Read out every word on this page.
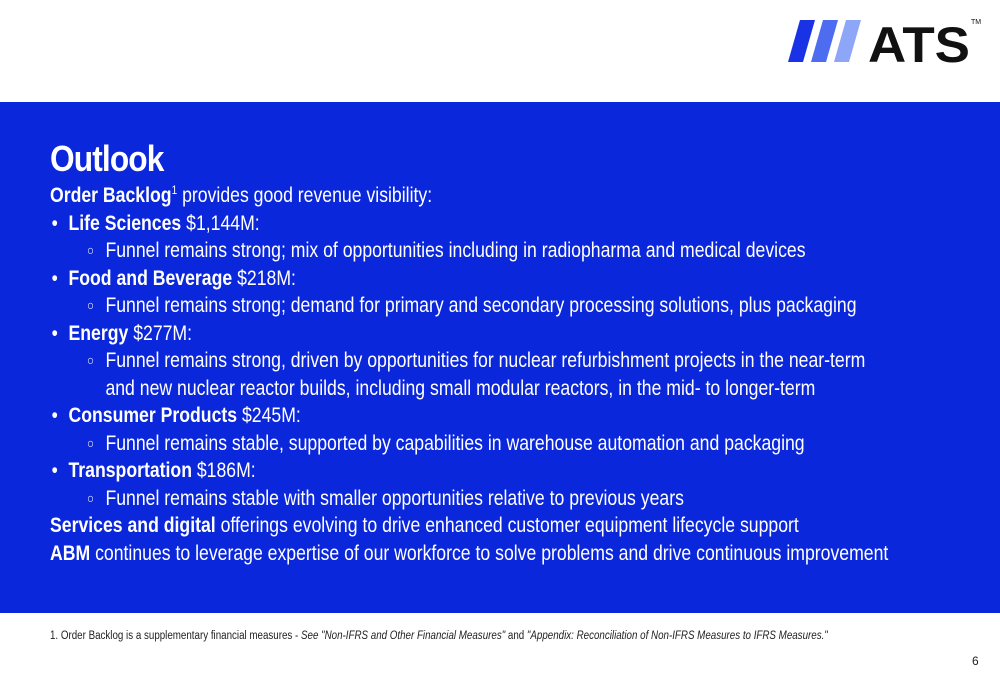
ATS TM
Outlook
Order Backlog$^1$ provides good revenue visibility:
• Life Sciences $1,144M:
○ Funnel remains strong; mix of opportunities including in radiopharma and medical devices
• Food and Beverage $218M:
○ Funnel remains strong; demand for primary and secondary processing solutions, plus packaging
• Energy $277M:
○ Funnel remains strong, driven by opportunities for nuclear refurbishment projects in the near-term
and new nuclear reactor builds, including small modular reactors, in the mid- to longer-term
• Consumer Products $245M:
○ Funnel remains stable, supported by capabilities in warehouse automation and packaging
• Transportation $186M:
○ Funnel remains stable with smaller opportunities relative to previous years
Services and digital offerings evolving to drive enhanced customer equipment lifecycle support
ABM continues to leverage expertise of our workforce to solve problems and drive continuous improvement
1. Order Backlog is a supplementary financial measures - See "Non-IFRS and Other Financial Measures" and "Appendix: Reconciliation of Non-IFRS Measures to IFRS Measures."
6
